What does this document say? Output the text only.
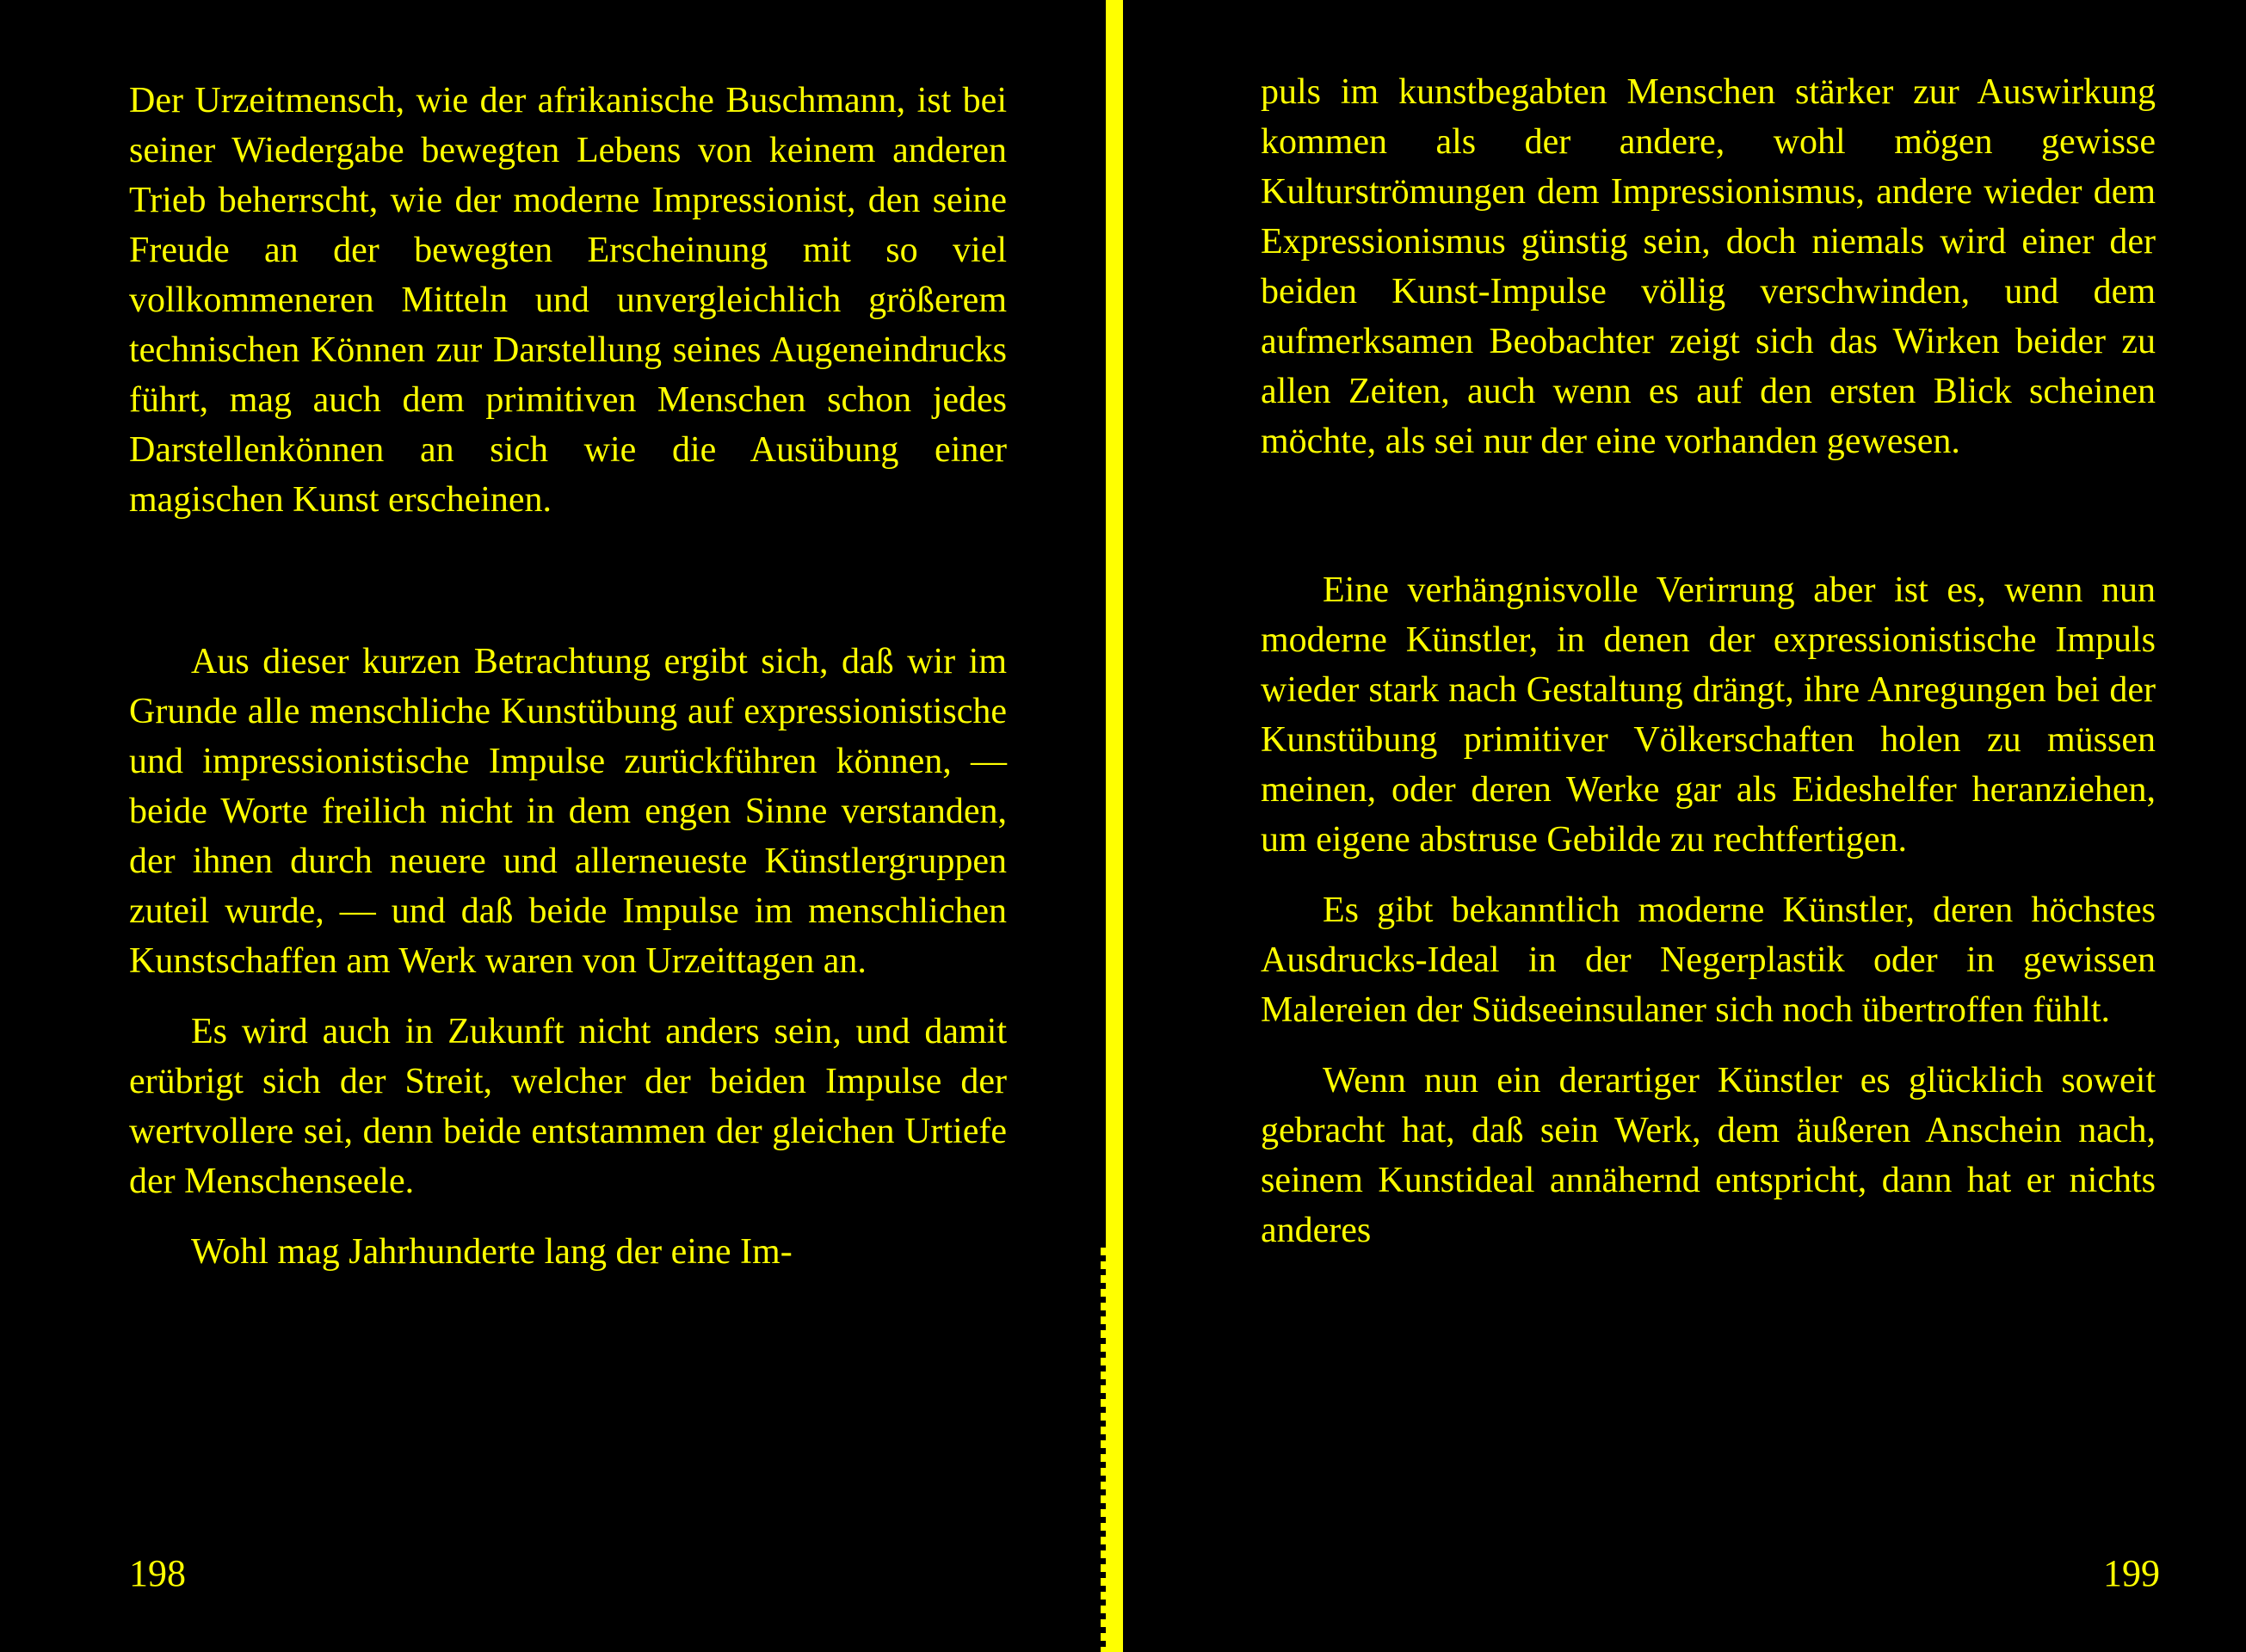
Der Urzeitmensch, wie der afrikanische Buschmann, ist bei seiner Wiedergabe bewegten Lebens von keinem anderen Trieb beherrscht, wie der moderne Impressionist, den seine Freude an der bewegten Erscheinung mit so viel vollkommeneren Mitteln und unvergleichlich größerem technischen Können zur Darstellung seines Augeneindrucks führt, mag auch dem primitiven Menschen schon jedes Darstellenkönnen an sich wie die Ausübung einer magischen Kunst erscheinen.

Aus dieser kurzen Betrachtung ergibt sich, daß wir im Grunde alle menschliche Kunstübung auf expressionistische und impressionistische Impulse zurückführen können, — beide Worte freilich nicht in dem engen Sinne verstanden, der ihnen durch neuere und allerneueste Künstlergruppen zuteil wurde, — und daß beide Impulse im menschlichen Kunstschaffen am Werk waren von Urzeittagen an.

Es wird auch in Zukunft nicht anders sein, und damit erübrigt sich der Streit, welcher der beiden Impulse der wertvollere sei, denn beide entstammen der gleichen Urtiefe der Menschenseele.

Wohl mag Jahrhunderte lang der eine Im-

198

puls im kunstbegabten Menschen stärker zur Auswirkung kommen als der andere, wohl mögen gewisse Kulturströmungen dem Impressionismus, andere wieder dem Expressionismus günstig sein, doch niemals wird einer der beiden Kunst-Impulse völlig verschwinden, und dem aufmerksamen Beobachter zeigt sich das Wirken beider zu allen Zeiten, auch wenn es auf den ersten Blick scheinen möchte, als sei nur der eine vorhanden gewesen.

Eine verhängnisvolle Verirrung aber ist es, wenn nun moderne Künstler, in denen der expressionistische Impuls wieder stark nach Gestaltung drängt, ihre Anregungen bei der Kunstübung primitiver Völkerschaften holen zu müssen meinen, oder deren Werke gar als Eideshelfer heranziehen, um eigene abstruse Gebilde zu rechtfertigen.

Es gibt bekanntlich moderne Künstler, deren höchstes Ausdrucks-Ideal in der Negerplastik oder in gewissen Malereien der Südseeinsulaner sich noch übertroffen fühlt.

Wenn nun ein derartiger Künstler es glücklich soweit gebracht hat, daß sein Werk, dem äußeren Anschein nach, seinem Kunstideal annähernd entspricht, dann hat er nichts anderes

199
